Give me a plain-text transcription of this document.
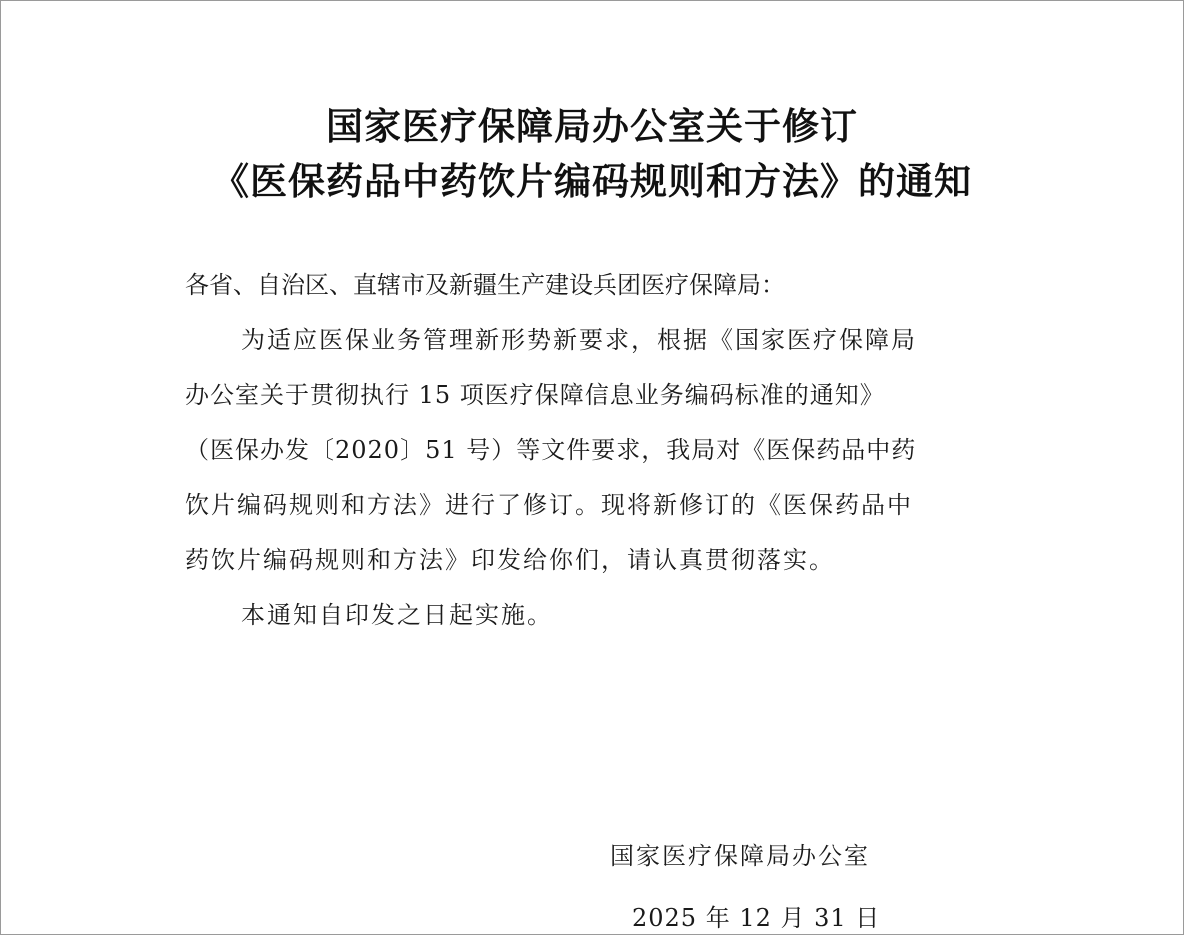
国家医疗保障局办公室关于修订
《医保药品中药饮片编码规则和方法》的通知
各省、自治区、直辖市及新疆生产建设兵团医疗保障局：
为适应医保业务管理新形势新要求，根据《国家医疗保障局
办公室关于贯彻执行 15 项医疗保障信息业务编码标准的通知》
（医保办发〔2020〕51 号）等文件要求，我局对《医保药品中药
饮片编码规则和方法》进行了修订。现将新修订的《医保药品中
药饮片编码规则和方法》印发给你们，请认真贯彻落实。
本通知自印发之日起实施。
国家医疗保障局办公室
2025 年 12 月 31 日
